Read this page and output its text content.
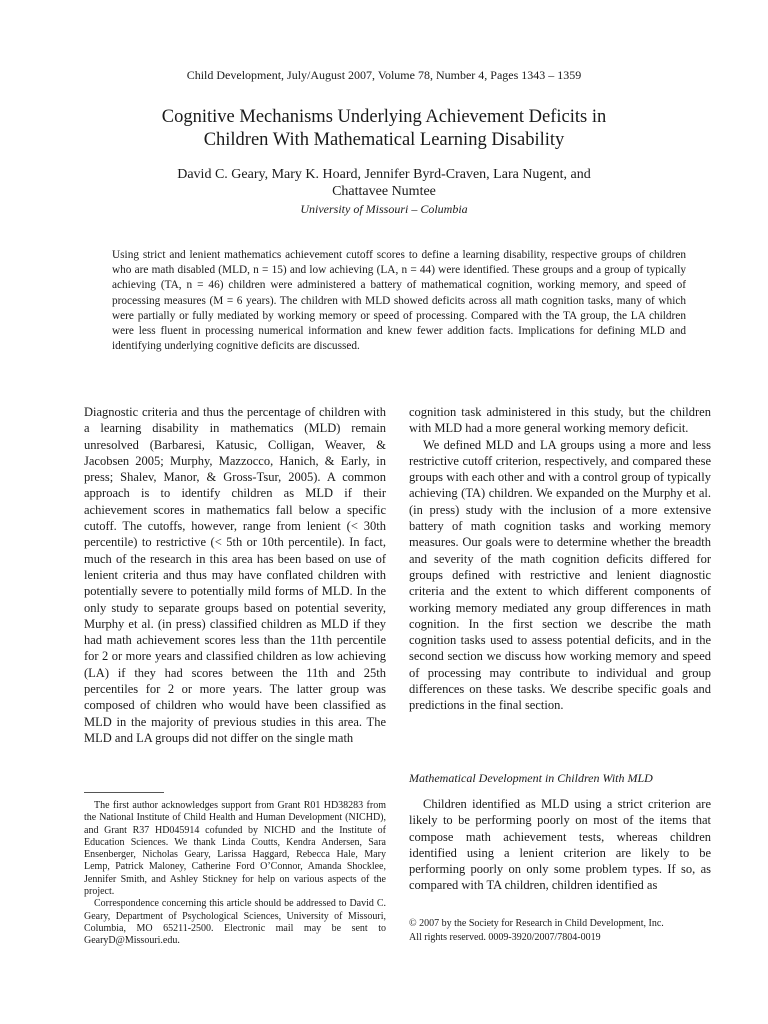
Child Development, July/August 2007, Volume 78, Number 4, Pages 1343 – 1359
Cognitive Mechanisms Underlying Achievement Deficits in
Children With Mathematical Learning Disability
David C. Geary, Mary K. Hoard, Jennifer Byrd-Craven, Lara Nugent, and
Chattavee Numtee
University of Missouri – Columbia
Using strict and lenient mathematics achievement cutoff scores to define a learning disability, respective groups of children who are math disabled (MLD, n = 15) and low achieving (LA, n = 44) were identified. These groups and a group of typically achieving (TA, n = 46) children were administered a battery of mathematical cognition, working memory, and speed of processing measures (M = 6 years). The children with MLD showed deficits across all math cognition tasks, many of which were partially or fully mediated by working memory or speed of processing. Compared with the TA group, the LA children were less fluent in processing numerical information and knew fewer addition facts. Implications for defining MLD and identifying underlying cognitive deficits are discussed.

Diagnostic criteria and thus the percentage of children with a learning disability in mathematics (MLD) remain unresolved (Barbaresi, Katusic, Colligan, Weaver, & Jacobsen 2005; Murphy, Mazzocco, Hanich, & Early, in press; Shalev, Manor, & Gross-Tsur, 2005). A common approach is to identify children as MLD if their achievement scores in mathematics fall below a specific cutoff. The cutoffs, however, range from lenient (< 30th percentile) to restrictive (< 5th or 10th percentile). In fact, much of the research in this area has been based on use of lenient criteria and thus may have conflated children with potentially severe to potentially mild forms of MLD. In the only study to separate groups based on potential severity, Murphy et al. (in press) classified children as MLD if they had math achievement scores less than the 11th percentile for 2 or more years and classified children as low achieving (LA) if they had scores between the 11th and 25th percentiles for 2 or more years. The latter group was composed of children who would have been classified as MLD in the majority of previous studies in this area. The MLD and LA groups did not differ on the single math

cognition task administered in this study, but the children with MLD had a more general working memory deficit.

We defined MLD and LA groups using a more and less restrictive cutoff criterion, respectively, and compared these groups with each other and with a control group of typically achieving (TA) children. We expanded on the Murphy et al. (in press) study with the inclusion of a more extensive battery of math cognition tasks and working memory measures. Our goals were to determine whether the breadth and severity of the math cognition deficits differed for groups defined with restrictive and lenient diagnostic criteria and the extent to which different components of working memory mediated any group differences in math cognition. In the first section we describe the math cognition tasks used to assess potential deficits, and in the second section we discuss how working memory and speed of processing may contribute to individual and group differences on these tasks. We describe specific goals and predictions in the final section.

Mathematical Development in Children With MLD

Children identified as MLD using a strict criterion are likely to be performing poorly on most of the items that compose math achievement tests, whereas children identified using a lenient criterion are likely to be performing poorly on only some problem types. If so, as compared with TA children, children identified as

The first author acknowledges support from Grant R01 HD38283 from the National Institute of Child Health and Human Development (NICHD), and Grant R37 HD045914 cofunded by NICHD and the Institute of Education Sciences. We thank Linda Coutts, Kendra Andersen, Sara Ensenberger, Nicholas Geary, Larissa Haggard, Rebecca Hale, Mary Lemp, Patrick Maloney, Catherine Ford O’Connor, Amanda Shocklee, Jennifer Smith, and Ashley Stickney for help on various aspects of the project.

Correspondence concerning this article should be addressed to David C. Geary, Department of Psychological Sciences, University of Missouri, Columbia, MO 65211-2500. Electronic mail may be sent to GearyD@Missouri.edu.

© 2007 by the Society for Research in Child Development, Inc.
All rights reserved. 0009-3920/2007/7804-0019
